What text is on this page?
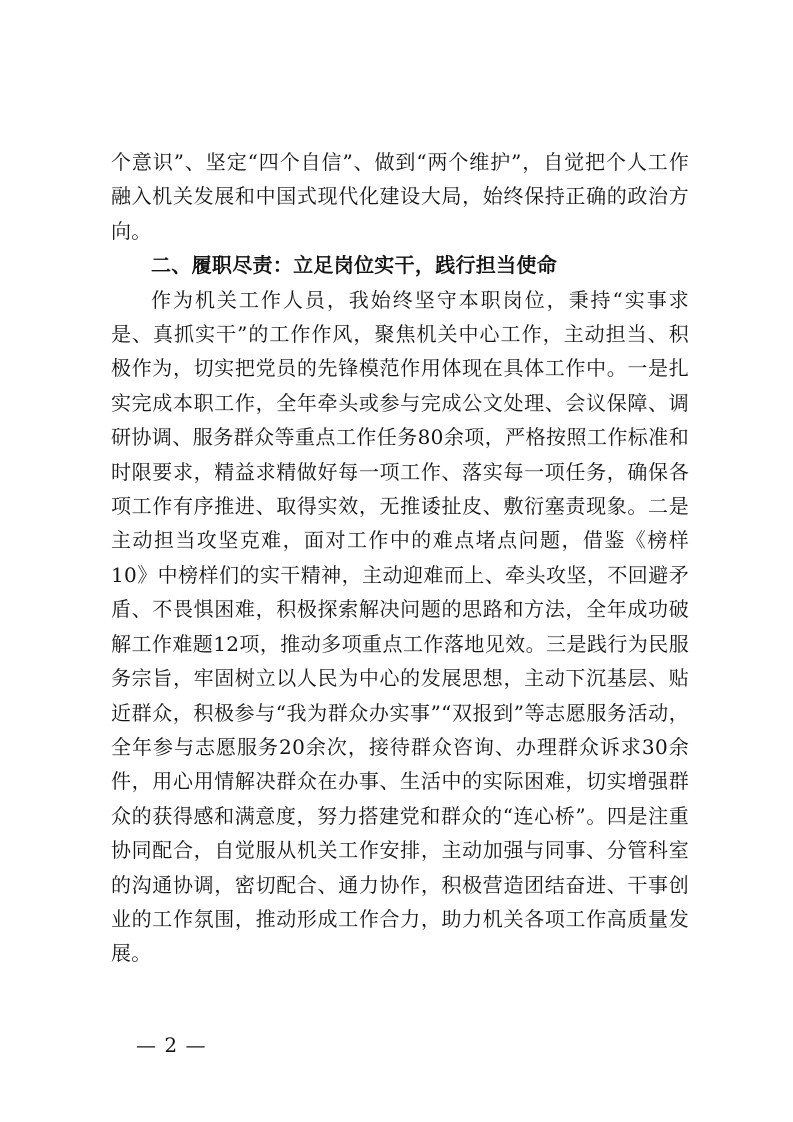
个意识”、坚定“四个自信”、做到“两个维护”，自觉把个人工作融入机关发展和中国式现代化建设大局，始终保持正确的政治方向。

二、履职尽责：立足岗位实干，践行担当使命

作为机关工作人员，我始终坚守本职岗位，秉持“实事求是、真抓实干”的工作作风，聚焦机关中心工作，主动担当、积极作为，切实把党员的先锋模范作用体现在具体工作中。一是扎实完成本职工作，全年牵头或参与完成公文处理、会议保障、调研协调、服务群众等重点工作任务80余项，严格按照工作标准和时限要求，精益求精做好每一项工作、落实每一项任务，确保各项工作有序推进、取得实效，无推诿扯皮、敷衍塞责现象。二是主动担当攻坚克难，面对工作中的难点堵点问题，借鉴《榜样10》中榜样们的实干精神，主动迎难而上、牵头攻坚，不回避矛盾、不畏惧困难，积极探索解决问题的思路和方法，全年成功破解工作难题12项，推动多项重点工作落地见效。三是践行为民服务宗旨，牢固树立以人民为中心的发展思想，主动下沉基层、贴近群众，积极参与“我为群众办实事”“双报到”等志愿服务活动，全年参与志愿服务20余次，接待群众咨询、办理群众诉求30余件，用心用情解决群众在办事、生活中的实际困难，切实增强群众的获得感和满意度，努力搭建党和群众的“连心桥”。四是注重协同配合，自觉服从机关工作安排，主动加强与同事、分管科室的沟通协调，密切配合、通力协作，积极营造团结奋进、干事创业的工作氛围，推动形成工作合力，助力机关各项工作高质量发展。

— 2 —
